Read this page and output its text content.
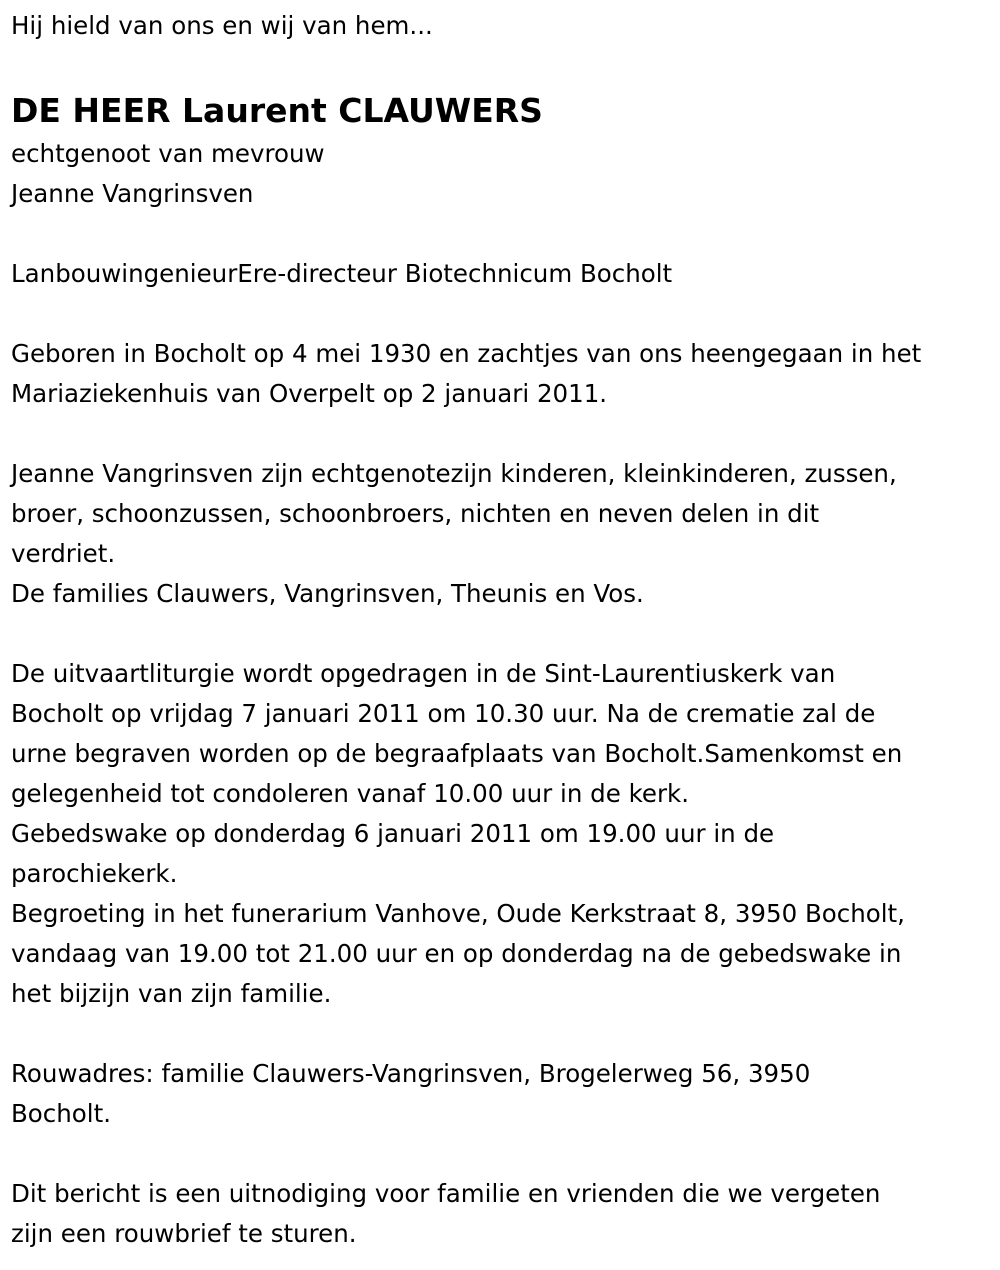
Hij hield van ons en wij van hem...

DE HEER Laurent CLAUWERS

echtgenoot van mevrouw

Jeanne Vangrinsven

LanbouwingenieurEre-directeur Biotechnicum Bocholt

Geboren in Bocholt op 4 mei 1930 en zachtjes van ons heengegaan in het

Mariaziekenhuis van Overpelt op 2 januari 2011.

Jeanne Vangrinsven zijn echtgenotezijn kinderen, kleinkinderen, zussen,

broer, schoonzussen, schoonbroers, nichten en neven delen in dit

verdriet.

De families Clauwers, Vangrinsven, Theunis en Vos.

De uitvaartliturgie wordt opgedragen in de Sint-Laurentiuskerk van

Bocholt op vrijdag 7 januari 2011 om 10.30 uur. Na de crematie zal de

urne begraven worden op de begraafplaats van Bocholt.Samenkomst en

gelegenheid tot condoleren vanaf 10.00 uur in de kerk.

Gebedswake op donderdag 6 januari 2011 om 19.00 uur in de

parochiekerk.

Begroeting in het funerarium Vanhove, Oude Kerkstraat 8, 3950 Bocholt,

vandaag van 19.00 tot 21.00 uur en op donderdag na de gebedswake in

het bijzijn van zijn familie.

Rouwadres: familie Clauwers-Vangrinsven, Brogelerweg 56, 3950

Bocholt.

Dit bericht is een uitnodiging voor familie en vrienden die we vergeten

zijn een rouwbrief te sturen.
